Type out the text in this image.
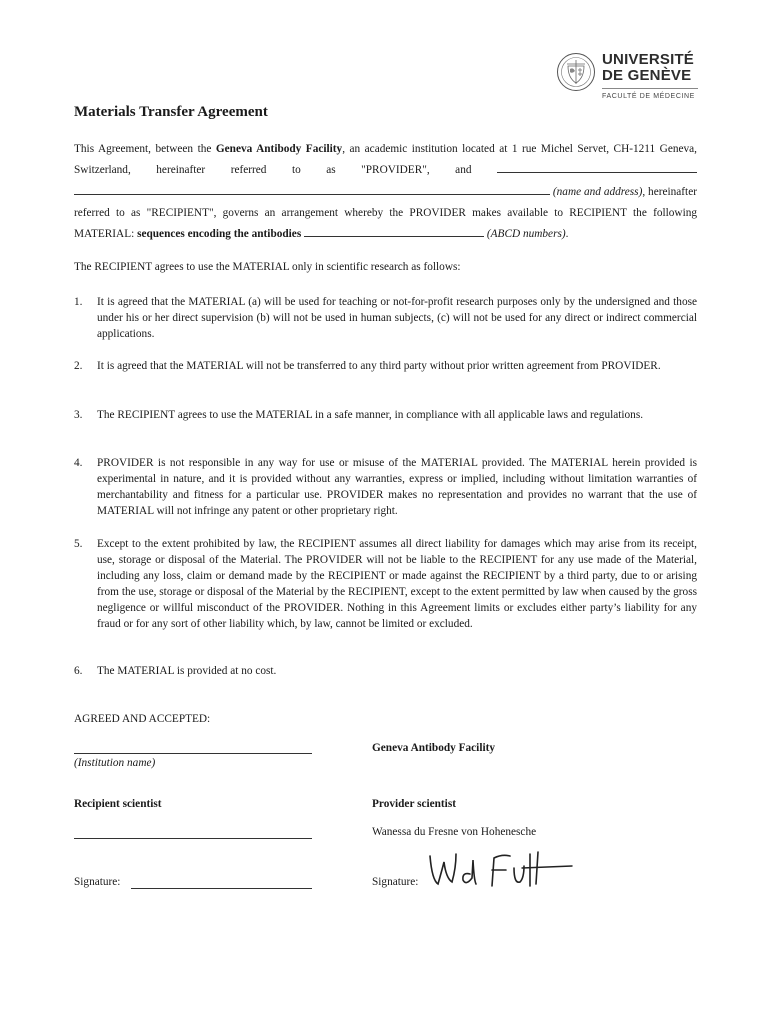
UNIVERSITÉ
DE GENÈVE
FACULTÉ DE MÉDECINE
Materials Transfer Agreement
This Agreement, between the Geneva Antibody Facility, an academic institution located at 1 rue Michel Servet, CH-1211 Geneva, Switzerland, hereinafter referred to as "PROVIDER", and   (name and address), hereinafter referred to as "RECIPIENT", governs an arrangement whereby the PROVIDER makes available to RECIPIENT the following MATERIAL: sequences encoding the antibodies	(ABCD numbers).
The RECIPIENT agrees to use the MATERIAL only in scientific research as follows:
1. It is agreed that the MATERIAL (a) will be used for teaching or not-for-profit research purposes only by the undersigned and those under his or her direct supervision (b) will not be used in human subjects, (c) will not be used for any direct or indirect commercial applications.
2. It is agreed that the MATERIAL will not be transferred to any third party without prior written agreement from PROVIDER.
3. The RECIPIENT agrees to use the MATERIAL in a safe manner, in compliance with all applicable laws and regulations.
4. PROVIDER is not responsible in any way for use or misuse of the MATERIAL provided. The MATERIAL herein provided is experimental in nature, and it is provided without any warranties, express or implied, including without limitation warranties of merchantability and fitness for a particular use. PROVIDER makes no representation and provides no warrant that the use of MATERIAL will not infringe any patent or other proprietary right.
5. Except to the extent prohibited by law, the RECIPIENT assumes all direct liability for damages which may arise from its receipt, use, storage or disposal of the Material. The PROVIDER will not be liable to the RECIPIENT for any use made of the Material, including any loss, claim or demand made by the RECIPIENT or made against the RECIPIENT by a third party, due to or arising from the use, storage or disposal of the Material by the RECIPIENT, except to the extent permitted by law when caused by the gross negligence or willful misconduct of the PROVIDER. Nothing in this Agreement limits or excludes either party’s liability for any fraud or for any sort of other liability which, by law, cannot be limited or excluded.
6. The MATERIAL is provided at no cost.
AGREED AND ACCEPTED:
(Institution name)
Recipient scientist
Signature:
Geneva Antibody Facility
Provider scientist
Wanessa du Fresne von Hohenesche
Signature:
